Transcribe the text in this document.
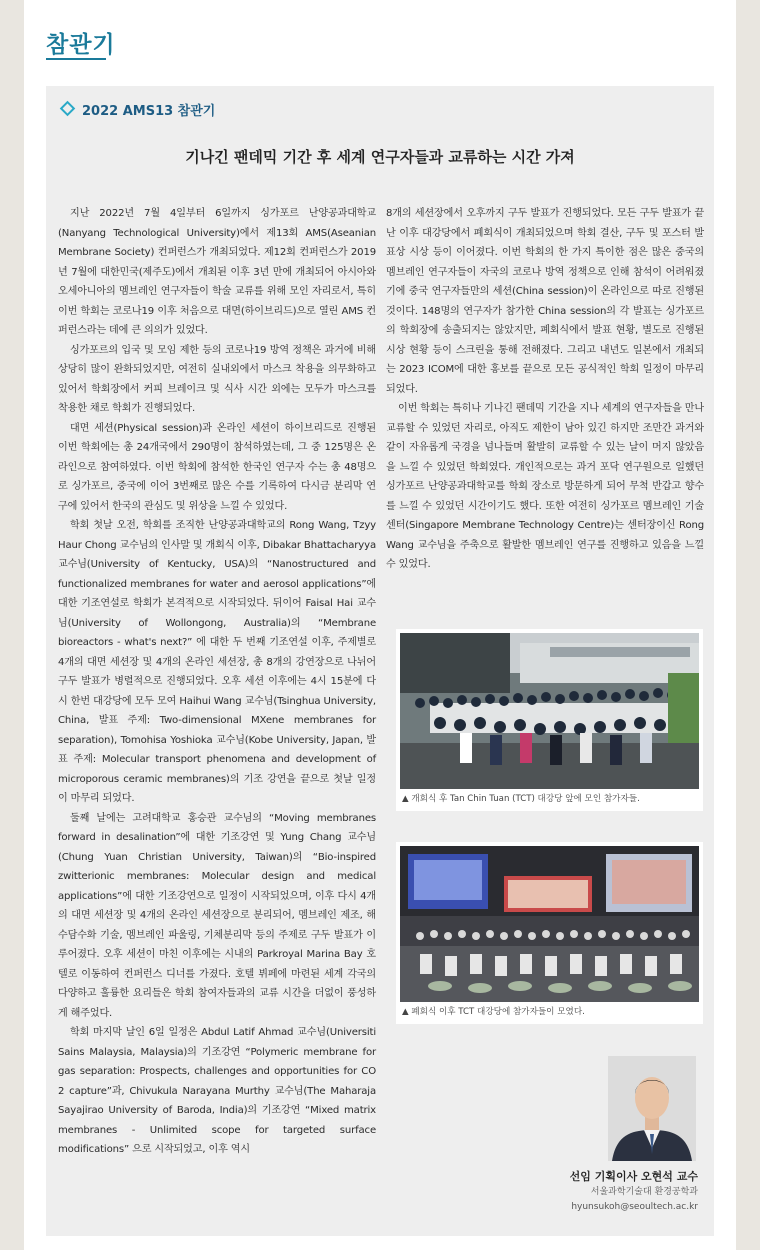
참관기
2022 AMS13 참관기
기나긴 팬데믹 기간 후 세계 연구자들과 교류하는 시간 가져

지난 2022년 7월 4일부터 6일까지 싱가포르 난양공과대학교(Nanyang Technological University)에서 제13회 AMS(Aseanian Membrane Society) 컨퍼런스가 개최되었다. 제12회 컨퍼런스가 2019년 7월에 대한민국(제주도)에서 개최된 이후 3년 만에 개최되어 아시아와 오세아니아의 멤브레인 연구자들이 학술 교류를 위해 모인 자리로서, 특히 이번 학회는 코로나19 이후 처음으로 대면(하이브리드)으로 열린 AMS 컨퍼런스라는 데에 큰 의의가 있었다.

싱가포르의 입국 및 모임 제한 등의 코로나19 방역 정책은 과거에 비해 상당히 많이 완화되었지만, 여전히 실내외에서 마스크 착용을 의무화하고 있어서 학회장에서 커피 브레이크 및 식사 시간 외에는 모두가 마스크를 착용한 채로 학회가 진행되었다.

대면 세션(Physical session)과 온라인 세션이 하이브리드로 진행된 이번 학회에는 총 24개국에서 290명이 참석하였는데, 그 중 125명은 온라인으로 참여하였다. 이번 학회에 참석한 한국인 연구자 수는 총 48명으로 싱가포르, 중국에 이어 3번째로 많은 수를 기록하여 다시금 분리막 연구에 있어서 한국의 관심도 및 위상을 느낄 수 있었다.

학회 첫날 오전, 학회를 조직한 난양공과대학교의 Rong Wang, Tzyy Haur Chong 교수님의 인사말 및 개회식 이후, Dibakar Bhattacharyya 교수님(University of Kentucky, USA)의 “Nanostructured and functionalized membranes for water and aerosol applications”에 대한 기조연설로 학회가 본격적으로 시작되었다. 뒤이어 Faisal Hai 교수님(University of Wollongong, Australia)의 “Membrane bioreactors - what's next?” 에 대한 두 번째 기조연설 이후, 주제별로 4개의 대면 세션장 및 4개의 온라인 세션장, 총 8개의 강연장으로 나뉘어 구두 발표가 병렬적으로 진행되었다. 오후 세션 이후에는 4시 15분에 다시 한번 대강당에 모두 모여 Haihui Wang 교수님(Tsinghua University, China, 발표 주제: Two-dimensional MXene membranes for separation), Tomohisa Yoshioka 교수님(Kobe University, Japan, 발표 주제: Molecular transport phenomena and development of microporous ceramic membranes)의 기조 강연을 끝으로 첫날 일정이 마무리 되었다.

둘째 날에는 고려대학교 홍승관 교수님의 “Moving membranes forward in desalination”에 대한 기조강연 및 Yung Chang 교수님(Chung Yuan Christian University, Taiwan)의 “Bio-inspired zwitterionic membranes: Molecular design and medical applications”에 대한 기조강연으로 일정이 시작되었으며, 이후 다시 4개의 대면 세션장 및 4개의 온라인 세션장으로 분리되어, 멤브레인 제조, 해수담수화 기술, 멤브레인 파울링, 기체분리막 등의 주제로 구두 발표가 이루어졌다. 오후 세션이 마친 이후에는 시내의 Parkroyal Marina Bay 호텔로 이동하여 컨퍼런스 디너를 가졌다. 호텔 뷔페에 마련된 세계 각국의 다양하고 훌륭한 요리들은 학회 참여자들과의 교류 시간을 더없이 풍성하게 해주었다.

학회 마지막 날인 6일 일정은 Abdul Latif Ahmad 교수님(Universiti Sains Malaysia, Malaysia)의 기조강연 “Polymeric membrane for gas separation: Prospects, challenges and opportunities for CO 2 capture”과, Chivukula Narayana Murthy 교수님(The Maharaja Sayajirao University of Baroda, India)의 기조강연 “Mixed matrix membranes - Unlimited scope for targeted surface modifications” 으로 시작되었고, 이후 역시

8개의 세션장에서 오후까지 구두 발표가 진행되었다. 모든 구두 발표가 끝난 이후 대강당에서 폐회식이 개최되었으며 학회 결산, 구두 및 포스터 발표상 시상 등이 이어졌다. 이번 학회의 한 가지 특이한 점은 많은 중국의 멤브레인 연구자들이 자국의 코로나 방역 정책으로 인해 참석이 어려워졌기에 중국 연구자들만의 세션(China session)이 온라인으로 따로 진행된 것이다. 148명의 연구자가 참가한 China session의 각 발표는 싱가포르의 학회장에 송출되지는 않았지만, 폐회식에서 발표 현황, 별도로 진행된 시상 현황 등이 스크린을 통해 전해졌다. 그리고 내년도 일본에서 개최되는 2023 ICOM에 대한 홍보를 끝으로 모든 공식적인 학회 일정이 마무리 되었다.

이번 학회는 특히나 기나긴 팬데믹 기간을 지나 세계의 연구자들을 만나 교류할 수 있었던 자리로, 아직도 제한이 남아 있긴 하지만 조만간 과거와 같이 자유롭게 국경을 넘나들며 활발히 교류할 수 있는 날이 머지 않았음을 느낄 수 있었던 학회였다. 개인적으로는 과거 포닥 연구원으로 일했던 싱가포르 난양공과대학교를 학회 장소로 방문하게 되어 무척 반갑고 향수를 느낄 수 있었던 시간이기도 했다. 또한 여전히 싱가포르 멤브레인 기술 센터(Singapore Membrane Technology Centre)는 센터장이신 Rong Wang 교수님을 주축으로 활발한 멤브레인 연구를 진행하고 있음을 느낄 수 있었다.

▲ 개회식 후 Tan Chin Tuan (TCT) 대강당 앞에 모인 참가자들.
▲ 폐회식 이후 TCT 대강당에 참가자들이 모였다.
선임 기획이사 오현석 교수
서울과학기술대 환경공학과
hyunsukoh@seoultech.ac.kr
